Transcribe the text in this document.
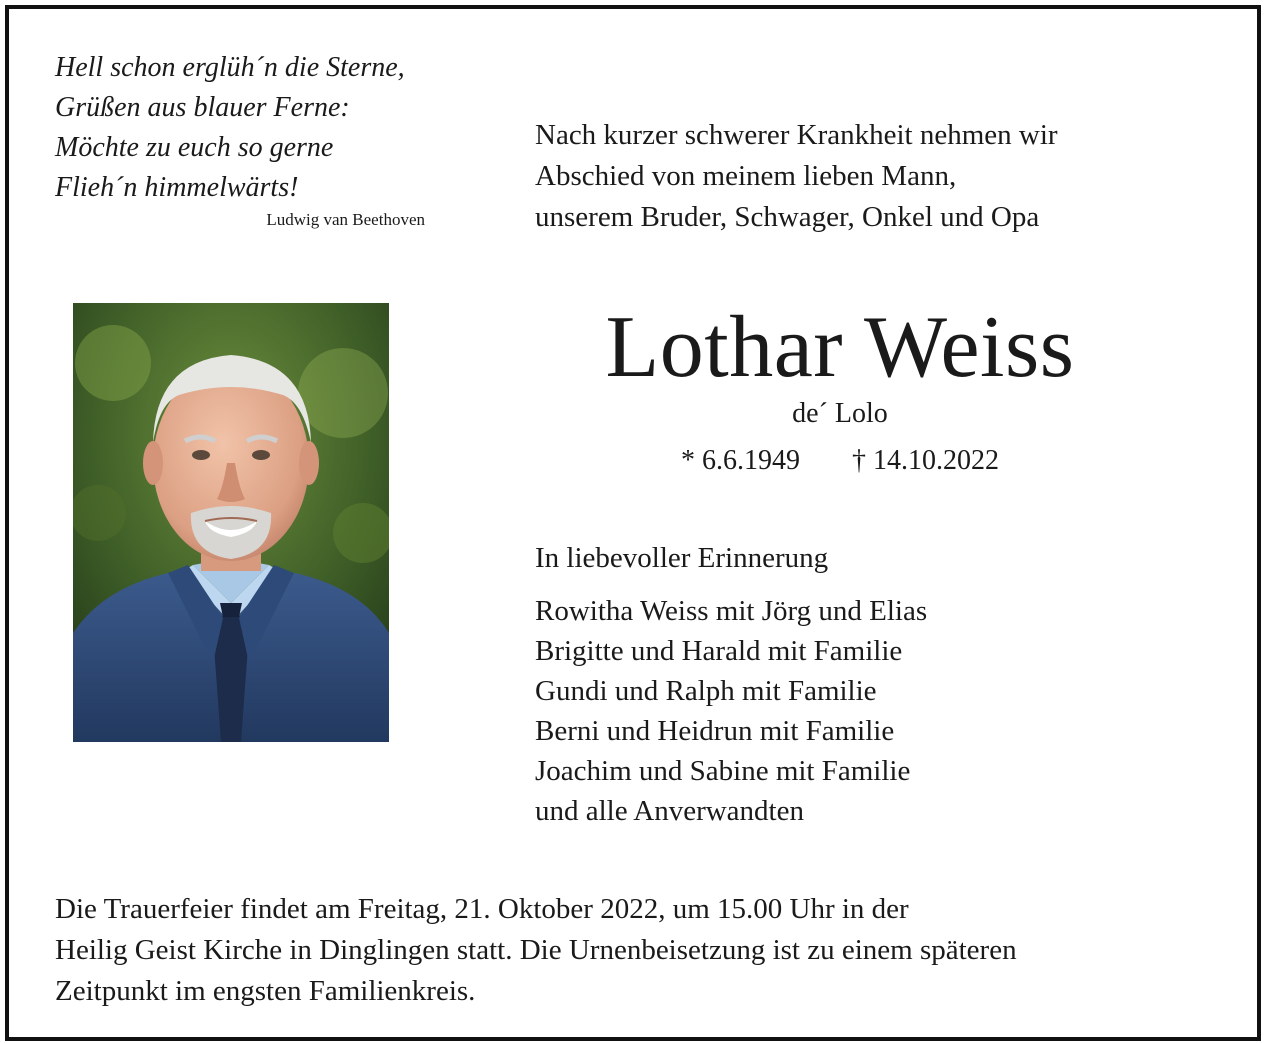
Hell schon erglüh´n die Sterne,
Grüßen aus blauer Ferne:
Möchte zu euch so gerne
Flieh´n himmelwärts!
Ludwig van Beethoven
Nach kurzer schwerer Krankheit nehmen wir
Abschied von meinem lieben Mann,
unserem Bruder, Schwager, Onkel und Opa
Lothar Weiss
de´ Lolo
* 6.6.1949 † 14.10.2022
In liebevoller Erinnerung
Rowitha Weiss mit Jörg und Elias
Brigitte und Harald mit Familie
Gundi und Ralph mit Familie
Berni und Heidrun mit Familie
Joachim und Sabine mit Familie
und alle Anverwandten
Die Trauerfeier findet am Freitag, 21. Oktober 2022, um 15.00 Uhr in der
Heilig Geist Kirche in Dinglingen statt. Die Urnenbeisetzung ist zu einem späteren
Zeitpunkt im engsten Familienkreis.
